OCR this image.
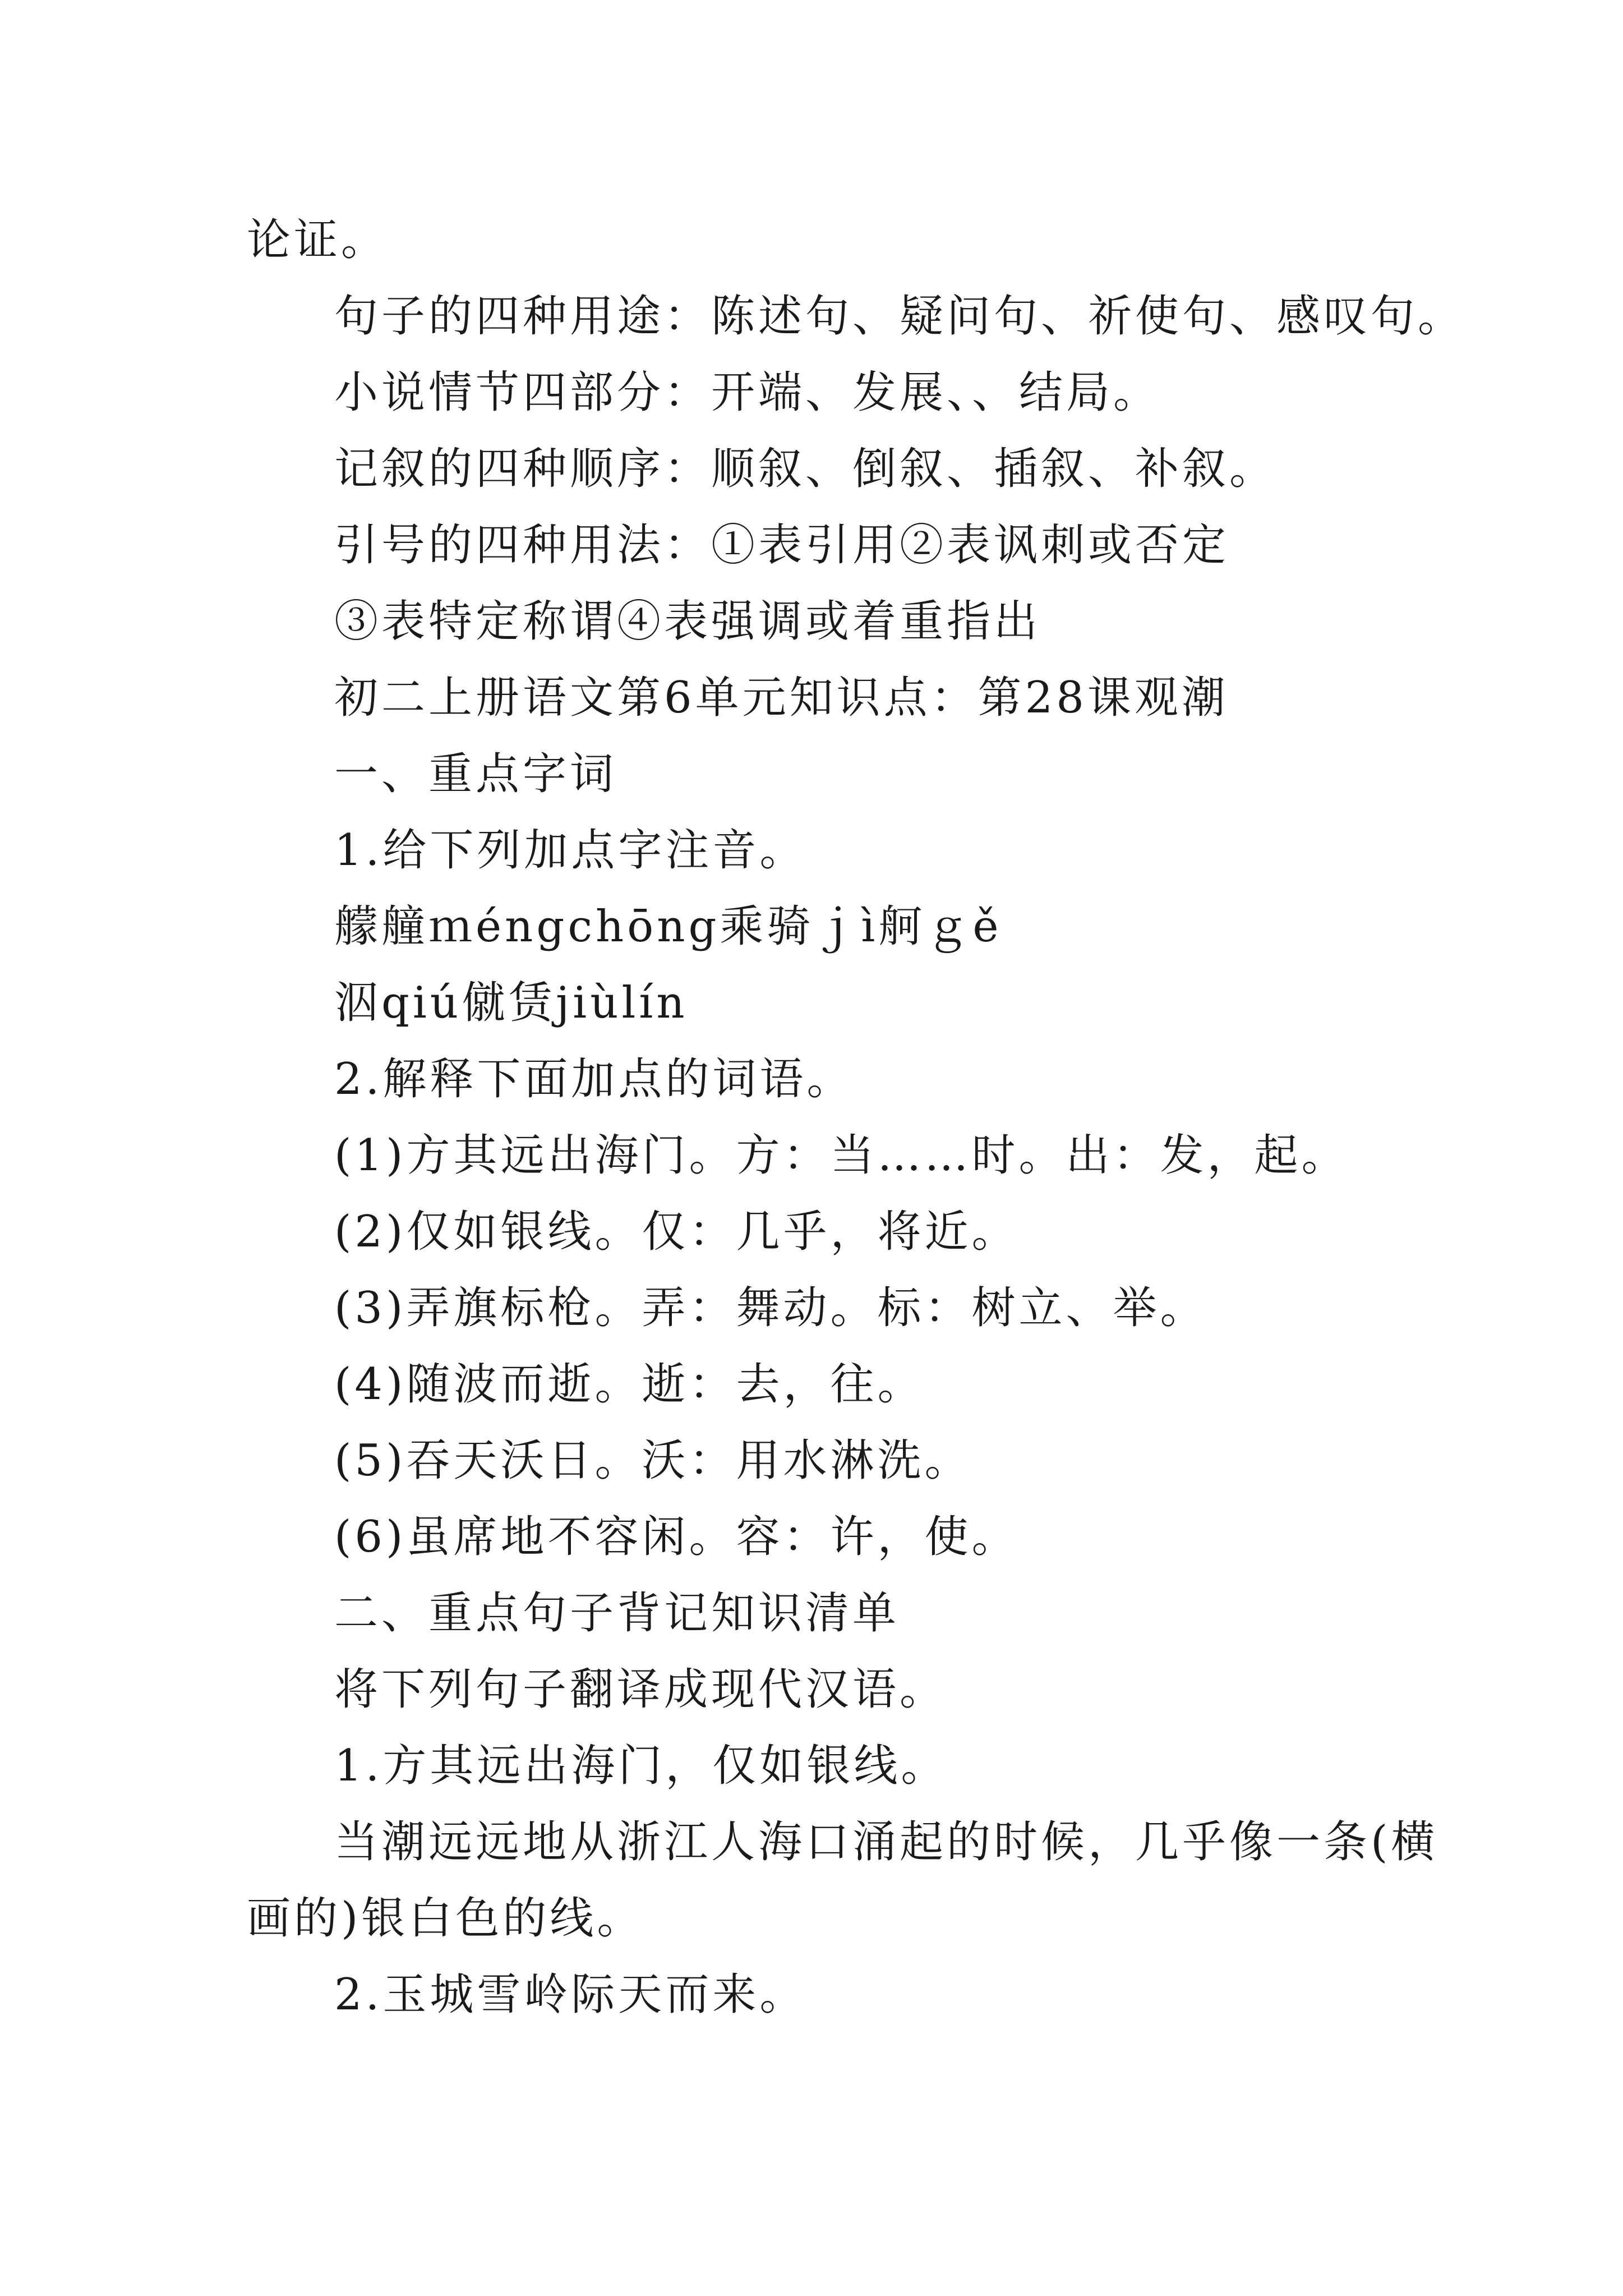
论证。
句子的四种用途：陈述句、疑问句、祈使句、感叹句。
小说情节四部分：开端、发展、、结局。
记叙的四种顺序：顺叙、倒叙、插叙、补叙。
引号的四种用法：①表引用②表讽刺或否定
③表特定称谓④表强调或着重指出
初二上册语文第6单元知识点：第28课观潮
一、重点字词
1.给下列加点字注音。
艨艟ｍéngchōng乘骑ｊì舸ｇě
泅qiú僦赁jiùlín
2.解释下面加点的词语。
(1)方其远出海门。方：当……时。出：发，起。
(2)仅如银线。仅：几乎，将近。
(3)弄旗标枪。弄：舞动。标：树立、举。
(4)随波而逝。逝：去，往。
(5)吞天沃日。沃：用水淋洗。
(6)虽席地不容闲。容：许，使。
二、重点句子背记知识清单
将下列句子翻译成现代汉语。
1.方其远出海门，仅如银线。
当潮远远地从浙江人海口涌起的时候，几乎像一条(横
画的)银白色的线。
2.玉城雪岭际天而来。
